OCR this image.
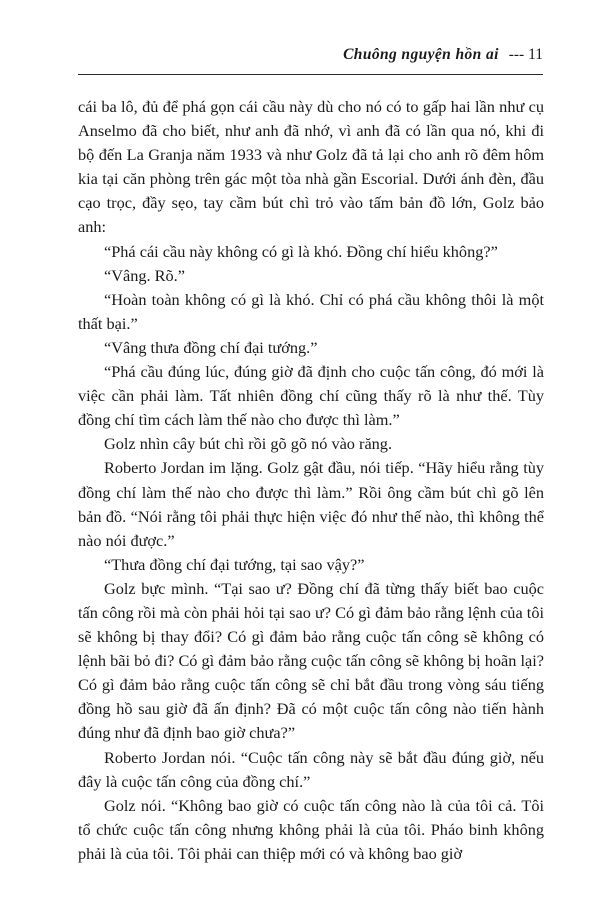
Chuông nguyện hồn ai --- 11

cái ba lô, đủ để phá gọn cái cầu này dù cho nó có to gấp hai lần như cụ Anselmo đã cho biết, như anh đã nhớ, vì anh đã có lần qua nó, khi đi bộ đến La Granja năm 1933 và như Golz đã tả lại cho anh rõ đêm hôm kia tại căn phòng trên gác một tòa nhà gần Escorial. Dưới ánh đèn, đầu cạo trọc, đầy sẹo, tay cầm bút chì trỏ vào tấm bản đồ lớn, Golz bảo anh:

“Phá cái cầu này không có gì là khó. Đồng chí hiểu không?”

“Vâng. Rõ.”

“Hoàn toàn không có gì là khó. Chỉ có phá cầu không thôi là một thất bại.”

“Vâng thưa đồng chí đại tướng.”

“Phá cầu đúng lúc, đúng giờ đã định cho cuộc tấn công, đó mới là việc cần phải làm. Tất nhiên đồng chí cũng thấy rõ là như thế. Tùy đồng chí tìm cách làm thế nào cho được thì làm.”

Golz nhìn cây bút chì rồi gõ gõ nó vào răng.

Roberto Jordan im lặng. Golz gật đầu, nói tiếp. “Hãy hiểu rằng tùy đồng chí làm thế nào cho được thì làm.” Rồi ông cầm bút chì gõ lên bản đồ. “Nói rằng tôi phải thực hiện việc đó như thế nào, thì không thể nào nói được.”

“Thưa đồng chí đại tướng, tại sao vậy?”

Golz bực mình. “Tại sao ư? Đồng chí đã từng thấy biết bao cuộc tấn công rồi mà còn phải hỏi tại sao ư? Có gì đảm bảo rằng lệnh của tôi sẽ không bị thay đổi? Có gì đảm bảo rằng cuộc tấn công sẽ không có lệnh bãi bỏ đi? Có gì đảm bảo rằng cuộc tấn công sẽ không bị hoãn lại? Có gì đảm bảo rằng cuộc tấn công sẽ chỉ bắt đầu trong vòng sáu tiếng đồng hồ sau giờ đã ấn định? Đã có một cuộc tấn công nào tiến hành đúng như đã định bao giờ chưa?”

Roberto Jordan nói. “Cuộc tấn công này sẽ bắt đầu đúng giờ, nếu đây là cuộc tấn công của đồng chí.”

Golz nói. “Không bao giờ có cuộc tấn công nào là của tôi cả. Tôi tổ chức cuộc tấn công nhưng không phải là của tôi. Pháo binh không phải là của tôi. Tôi phải can thiệp mới có và không bao giờ
